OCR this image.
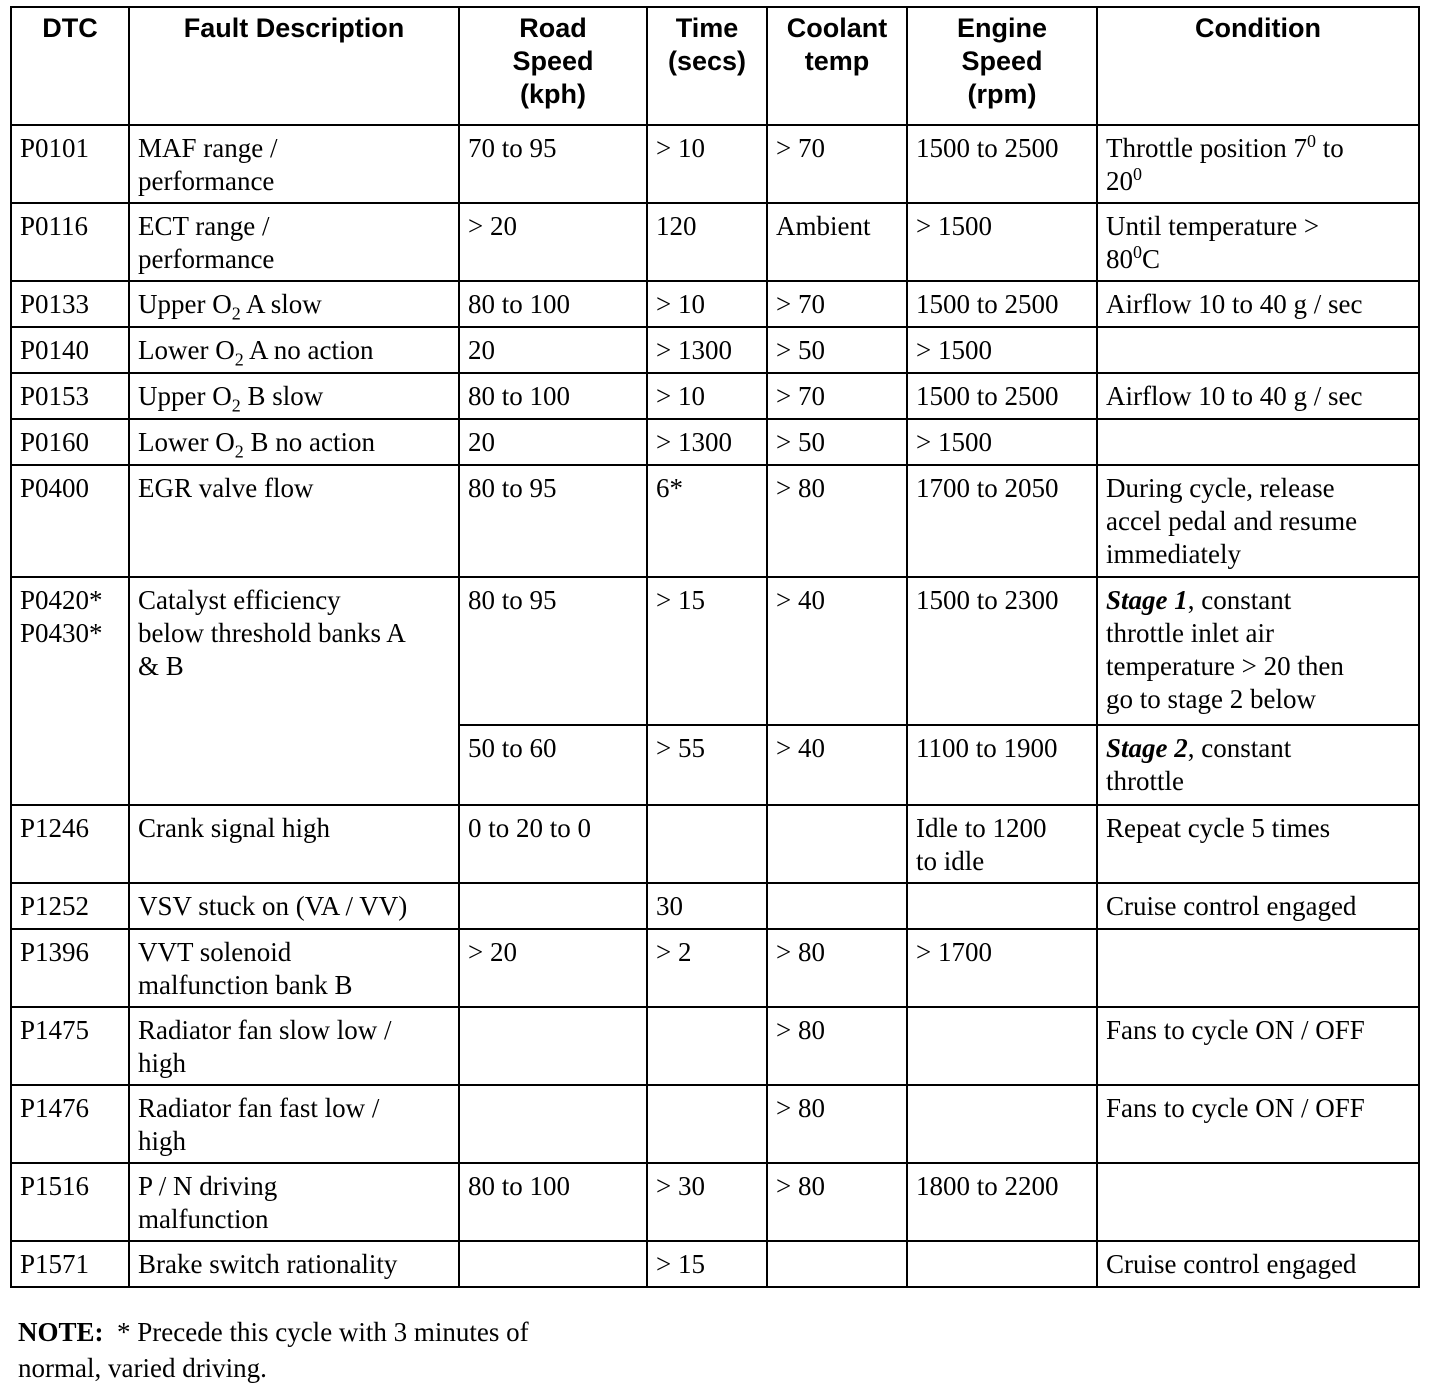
DTC	Fault Description	Road
Speed
(kph)	Time
(secs)	Coolant
temp	Engine
Speed
(rpm)	Condition

P0101	MAF range /
performance	70 to 95	> 10	> 70	1500 to 2500	Throttle position $7^0$ to
$20^0$

P0116	ECT range /
performance	> 20	120	Ambient	> 1500	Until temperature >
$80^0C$

P0133	Upper $O_2$ A slow	80 to 100	> 10	> 70	1500 to 2500	Airflow 10 to 40 g / sec
P0140	Lower $O_2$ A no action	20	> 1300	> 50	> 1500	
P0153	Upper $O_2$ B slow	80 to 100	> 10	> 70	1500 to 2500	Airflow 10 to 40 g / sec
P0160	Lower $O_2$ B no action	20	> 1300	> 50	> 1500	
P0400	EGR valve flow	80 to 95	6*	> 80	1700 to 2050	During cycle, release
accel pedal and resume
immediately

P0420*
P0430*	Catalyst efficiency
below threshold banks A
& B	80 to 95	> 15	> 40	1500 to 2300	Stage 1, constant
throttle inlet air
temperature > 20 then
go to stage 2 below

		50 to 60	> 55	> 40	1100 to 1900	Stage 2, constant
throttle

P1246	Crank signal high	0 to 20 to 0			Idle to 1200
to idle	Repeat cycle 5 times
P1252	VSV stuck on (VA / VV)		30			Cruise control engaged
P1396	VVT solenoid
malfunction bank B	> 20	> 2	> 80	> 1700	
P1475	Radiator fan slow low /
high			> 80		Fans to cycle ON / OFF
P1476	Radiator fan fast low /
high			> 80		Fans to cycle ON / OFF
P1516	P / N driving
malfunction	80 to 100	> 30	> 80	1800 to 2200	
P1571	Brake switch rationality		> 15			Cruise control engaged
NOTE: * Precede this cycle with 3 minutes of
normal, varied driving.
